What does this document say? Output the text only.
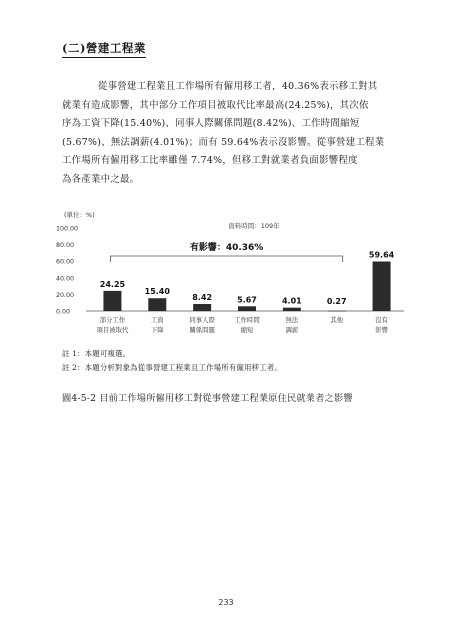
(二)營建工程業
從事營建工程業且工作場所有僱用移工者，40.36%表示移工對其
就業有造成影響，其中部分工作項目被取代比率最高(24.25%)，其次依
序為工資下降(15.40%)、同事人際關係問題(8.42%)、工作時間縮短
(5.67%)、無法調薪(4.01%)；而有 59.64%表示沒影響。從事營建工程業
工作場所有僱用移工比率雖僅 7.74%，但移工對就業者負面影響程度
為各產業中之最。
(單位：%)
資料時間：109年
100.00
80.00
60.00
40.00
20.00
0.00
24.25
部分工作
項目被取代
15.40
工資
下降
8.42
同事人際
關係問題
5.67
工作時間
縮短
4.01
無法
調薪
0.27
其他
59.64
沒有
影響
有影響：40.36%
註 1：本題可複選。
註 2：本題分析對象為從事營建工程業且工作場所有僱用移工者。
圖4-5-2 目前工作場所僱用移工對從事營建工程業原住民就業者之影響
233
